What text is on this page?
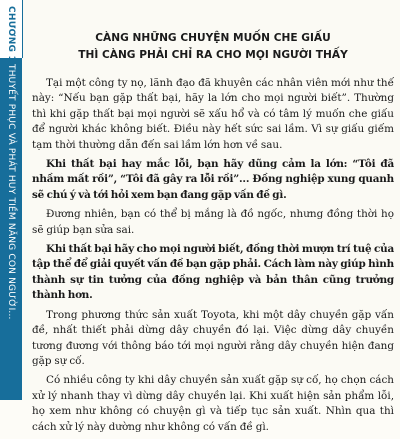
CHƯƠNG 1
THUYẾT PHỤC VÀ PHÁT HUY TIỀM NĂNG CON NGƯỜI...
CÀNG NHỮNG CHUYỆN MUỐN CHE GIẤU
THÌ CÀNG PHẢI CHỈ RA CHO MỌI NGƯỜI THẤY

Tại một công ty nọ, lãnh đạo đã khuyên các nhân viên mới như thế này: “Nếu bạn gặp thất bại, hãy la lớn cho mọi người biết”. Thường thì khi gặp thất bại mọi người sẽ xấu hổ và có tâm lý muốn che giấu để người khác không biết. Điều này hết sức sai lầm. Vì sự giấu giếm tạm thời thường dẫn đến sai lầm lớn hơn về sau.

Khi thất bại hay mắc lỗi, bạn hãy dũng cảm la lớn: “Tôi đã nhầm mất rồi”, “Tôi đã gây ra lỗi rồi”... Đồng nghiệp xung quanh sẽ chú ý và tới hỏi xem bạn đang gặp vấn đề gì.

Đương nhiên, bạn có thể bị mắng là đồ ngốc, nhưng đồng thời họ sẽ giúp bạn sửa sai.

Khi thất bại hãy cho mọi người biết, đồng thời mượn trí tuệ của tập thể để giải quyết vấn đề bạn gặp phải. Cách làm này giúp hình thành sự tin tưởng của đồng nghiệp và bản thân cũng trưởng thành hơn.

Trong phương thức sản xuất Toyota, khi một dây chuyền gặp vấn đề, nhất thiết phải dừng dây chuyền đó lại. Việc dừng dây chuyền tương đương với thông báo tới mọi người rằng dây chuyền hiện đang gặp sự cố.

Có nhiều công ty khi dây chuyền sản xuất gặp sự cố, họ chọn cách xử lý nhanh thay vì dừng dây chuyền lại. Khi xuất hiện sản phẩm lỗi, họ xem như không có chuyện gì và tiếp tục sản xuất. Nhìn qua thì cách xử lý này dường như không có vấn đề gì.
